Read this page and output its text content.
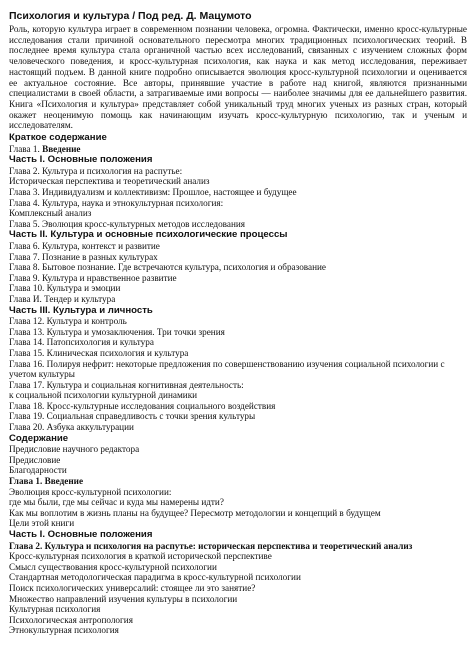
Психология и культура / Под ред. Д. Мацумото
Роль, которую культура играет в современном познании человека, огромна. Фактически, именно кросс-культурные исследования стали причиной основательного пересмотра многих традиционных психологических теорий. В последнее время культура стала органичной частью всех исследований, связанных с изучением сложных форм человеческого поведения, и кросс-культурная психология, как наука и как метод исследования, переживает настоящий подъем. В данной книге подробно описывается эволюция кросс-культурной психологии и оценивается ее актуальное состояние. Все авторы, принявшие участие в работе над книгой, являются признанными специалистами в своей области, а затрагиваемые ими вопросы — наиболее значимы для ее дальнейшего развития. Книга «Психология и культура» представляет собой уникальный труд многих ученых из разных стран, который окажет неоценимую помощь как начинающим изучать кросс-культурную психологию, так и ученым и исследователям.
Краткое содержание
Глава 1. Введение
Часть I. Основные положения
Глава 2. Культура и психология на распутье:
Историческая перспектива и теоретический анализ
Глава 3. Индивидуализм и коллективизм: Прошлое, настоящее и будущее
Глава 4. Культура, наука и этнокультурная психология:
Комплексный анализ
Глава 5. Эволюция кросс-культурных методов исследования
Часть II. Культура и основные психологические процессы
Глава 6. Культура, контекст и развитие
Глава 7. Познание в разных культурах
Глава 8. Бытовое познание. Где встречаются культура, психология и образование
Глава 9. Культура и нравственное развитие
Глава 10. Культура и эмоции
Глава И. Тендер и культура
Часть III. Культура и личность
Глава 12. Культура и контроль
Глава 13. Культура и умозаключения. Три точки зрения
Глава 14. Патопсихология и культура
Глава 15. Клиническая психология и культура
Глава 16. Полируя нефрит: некоторые предложения по совершенствованию изучения социальной психологии с учетом культуры
Глава 17. Культура и социальная когнитивная деятельность:
к социальной психологии культурной динамики
Глава 18. Кросс-культурные исследования социального воздействия
Глава 19. Социальная справедливость с точки зрения культуры
Глава 20. Азбука аккультурации
Содержание
Предисловие научного редактора
Предисловие
Благодарности
Глава 1. Введение
Эволюция кросс-культурной психологии:
где мы были, где мы сейчас и куда мы намерены идти?
Как мы воплотим в жизнь планы на будущее? Пересмотр методологии и концепций в будущем
Цели этой книги
Часть I. Основные положения
Глава 2. Культура и психология на распутье: историческая перспектива и теоретический анализ
Кросс-культурная психология в краткой исторической перспективе
Смысл существования кросс-культурной психологии
Стандартная методологическая парадигма в кросс-культурной психологии
Поиск психологических универсалий: стоящее ли это занятие?
Множество направлений изучения культуры в психологии
Культурная психология
Психологическая антропология
Этнокультурная психология
